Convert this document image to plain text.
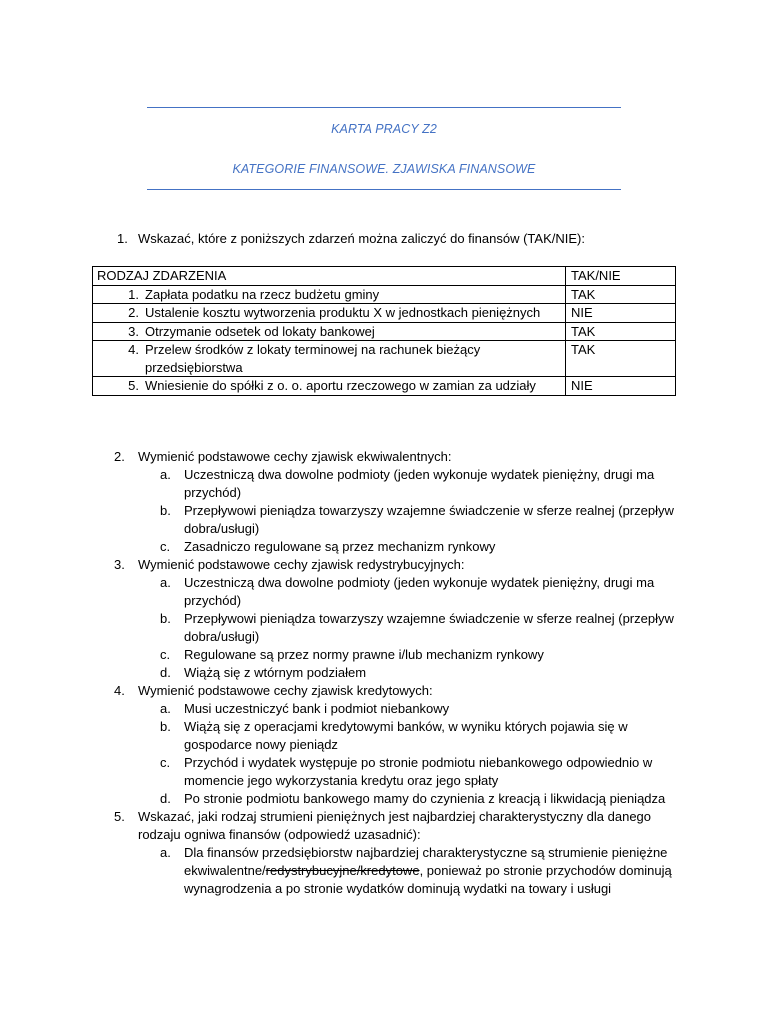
KARTA PRACY Z2
KATEGORIE FINANSOWE. ZJAWISKA FINANSOWE
1. Wskazać, które z poniższych zdarzeń można zaliczyć do finansów (TAK/NIE):
RODZAJ ZDARZENIA	TAK/NIE

1. Zapłata podatku na rzecz budżetu gminy	TAK

2. Ustalenie kosztu wytworzenia produktu X w jednostkach pieniężnych	NIE

3. Otrzymanie odsetek od lokaty bankowej	TAK

4. Przelew środków z lokaty terminowej na rachunek bieżący przedsiębiorstwa	TAK

5. Wniesienie do spółki z o. o. aportu rzeczowego w zamian za udziały	NIE
2. Wymienić podstawowe cechy zjawisk ekwiwalentnych:
a. Uczestniczą dwa dowolne podmioty (jeden wykonuje wydatek pieniężny, drugi ma przychód)
b. Przepływowi pieniądza towarzyszy wzajemne świadczenie w sferze realnej (przepływ dobra/usługi)
c. Zasadniczo regulowane są przez mechanizm rynkowy
3. Wymienić podstawowe cechy zjawisk redystrybucyjnych:
a. Uczestniczą dwa dowolne podmioty (jeden wykonuje wydatek pieniężny, drugi ma przychód)
b. Przepływowi pieniądza towarzyszy wzajemne świadczenie w sferze realnej (przepływ dobra/usługi)
c. Regulowane są przez normy prawne i/lub mechanizm rynkowy
d. Wiążą się z wtórnym podziałem
4. Wymienić podstawowe cechy zjawisk kredytowych:
a. Musi uczestniczyć bank i podmiot niebankowy
b. Wiążą się z operacjami kredytowymi banków, w wyniku których pojawia się w gospodarce nowy pieniądz
c. Przychód i wydatek występuje po stronie podmiotu niebankowego odpowiednio w momencie jego wykorzystania kredytu oraz jego spłaty
d. Po stronie podmiotu bankowego mamy do czynienia z kreacją i likwidacją pieniądza
5. Wskazać, jaki rodzaj strumieni pieniężnych jest najbardziej charakterystyczny dla danego rodzaju ogniwa finansów (odpowiedź uzasadnić):
a. Dla finansów przedsiębiorstw najbardziej charakterystyczne są strumienie pieniężne ekwiwalentne/redystrybucyjne/kredytowe, ponieważ po stronie przychodów dominują wynagrodzenia a po stronie wydatków dominują wydatki na towary i usługi
